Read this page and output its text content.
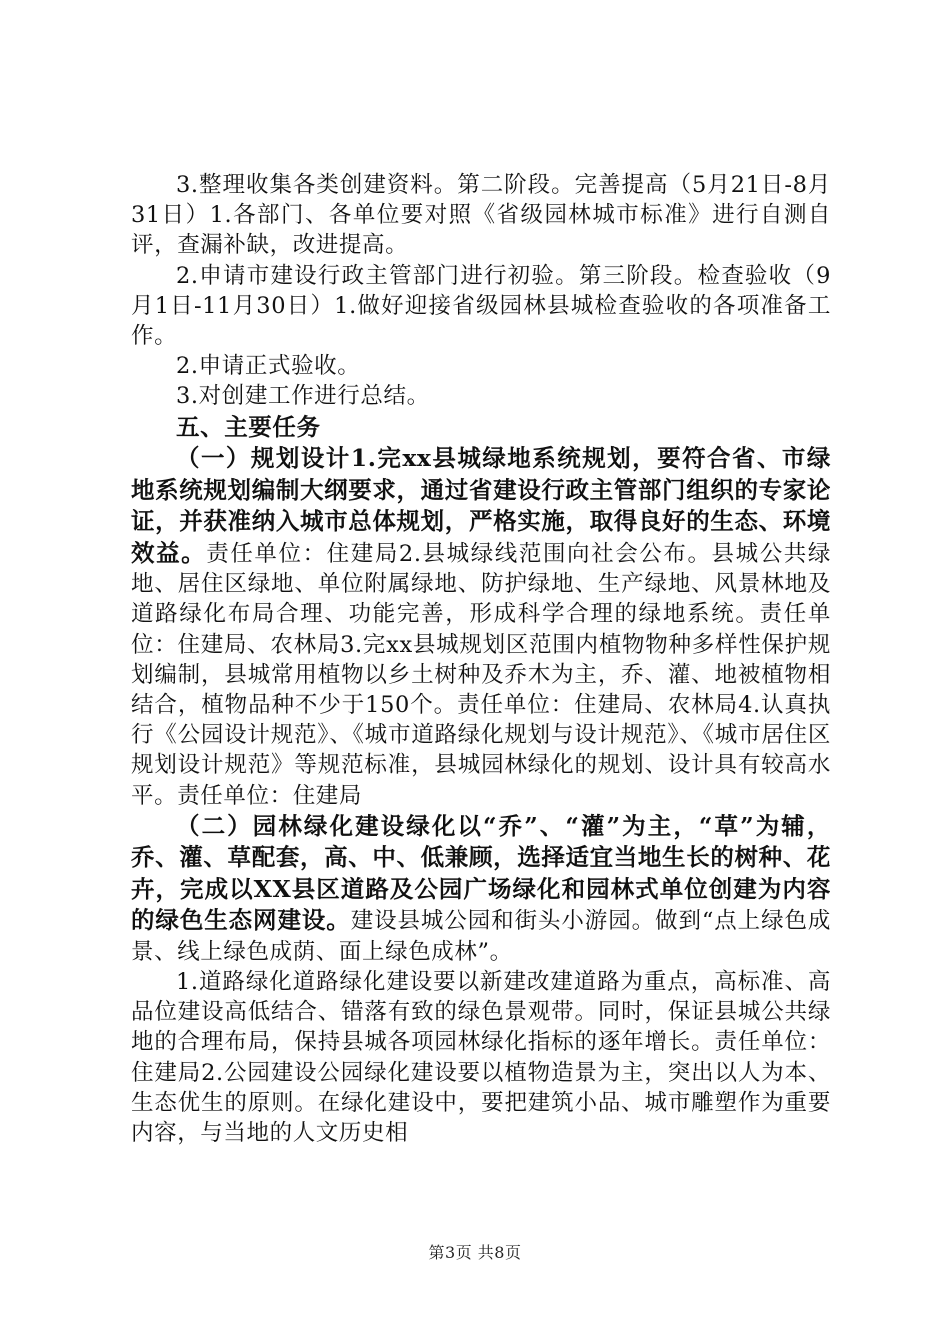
3.整理收集各类创建资料。第二阶段。完善提高（5月21日-8月31日）1.各部门、各单位要对照《省级园林城市标准》进行自测自评，查漏补缺，改进提高。

2.申请市建设行政主管部门进行初验。第三阶段。检查验收（9月1日-11月30日）1.做好迎接省级园林县城检查验收的各项准备工作。

2.申请正式验收。

3.对创建工作进行总结。

五、主要任务

（一）规划设计1.完xx县城绿地系统规划，要符合省、市绿地系统规划编制大纲要求，通过省建设行政主管部门组织的专家论证，并获准纳入城市总体规划，严格实施，取得良好的生态、环境效益。责任单位：住建局2.县城绿线范围向社会公布。县城公共绿地、居住区绿地、单位附属绿地、防护绿地、生产绿地、风景林地及道路绿化布局合理、功能完善，形成科学合理的绿地系统。责任单位：住建局、农林局3.完xx县城规划区范围内植物物种多样性保护规划编制，县城常用植物以乡土树种及乔木为主，乔、灌、地被植物相结合，植物品种不少于150个。责任单位：住建局、农林局4.认真执行《公园设计规范》、《城市道路绿化规划与设计规范》、《城市居住区规划设计规范》等规范标准，县城园林绿化的规划、设计具有较高水平。责任单位：住建局

（二）园林绿化建设绿化以“乔”、“灌”为主，“草”为辅，乔、灌、草配套，高、中、低兼顾，选择适宜当地生长的树种、花卉，完成以XX县区道路及公园广场绿化和园林式单位创建为内容的绿色生态网建设。建设县城公园和街头小游园。做到“点上绿色成景、线上绿色成荫、面上绿色成林”。

1.道路绿化道路绿化建设要以新建改建道路为重点，高标准、高品位建设高低结合、错落有致的绿色景观带。同时，保证县城公共绿地的合理布局，保持县城各项园林绿化指标的逐年增长。责任单位：住建局2.公园建设公园绿化建设要以植物造景为主，突出以人为本、生态优生的原则。在绿化建设中，要把建筑小品、城市雕塑作为重要内容，与当地的人文历史相

第3页 共8页
